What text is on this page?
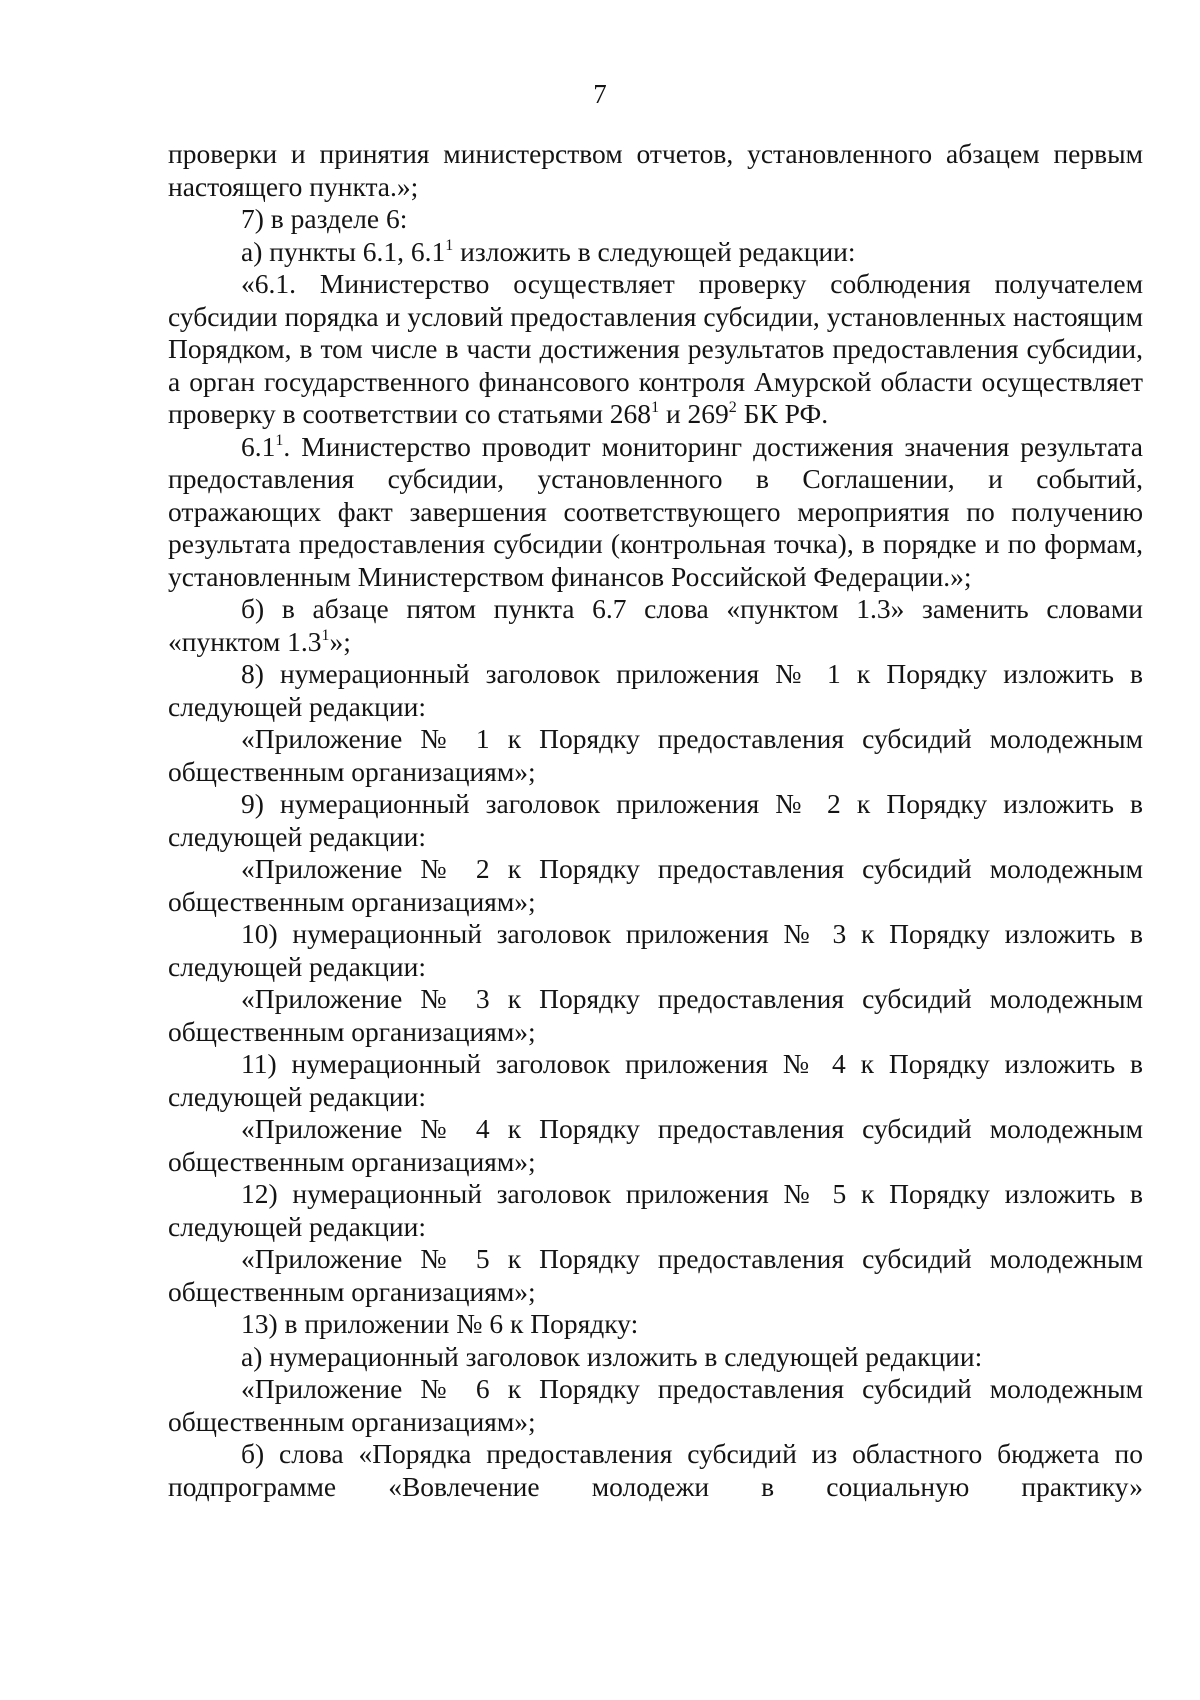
7

проверки и принятия министерством отчетов, установленного абзацем первым настоящего пункта.»;

7) в разделе 6:

а) пункты 6.1, $6.1^1$ изложить в следующей редакции:

«6.1. Министерство осуществляет проверку соблюдения получателем субсидии порядка и условий предоставления субсидии, установленных настоящим Порядком, в том числе в части достижения результатов предоставления субсидии, а орган государственного финансового контроля Амурской области осуществляет проверку в соответствии со статьями $268^1$ и $269^2$ БК РФ.

$6.1^1$. Министерство проводит мониторинг достижения значения результата предоставления субсидии, установленного в Соглашении, и событий, отражающих факт завершения соответствующего мероприятия по получению результата предоставления субсидии (контрольная точка), в порядке и по формам, установленным Министерством финансов Российской Федерации.»;

б) в абзаце пятом пункта 6.7 слова «пунктом 1.3» заменить словами «пунктом $1.3^1$»;

8) нумерационный заголовок приложения № 1 к Порядку изложить в следующей редакции:

«Приложение № 1 к Порядку предоставления субсидий молодежным общественным организациям»;

9) нумерационный заголовок приложения № 2 к Порядку изложить в следующей редакции:

«Приложение № 2 к Порядку предоставления субсидий молодежным общественным организациям»;

10) нумерационный заголовок приложения № 3 к Порядку изложить в следующей редакции:

«Приложение № 3 к Порядку предоставления субсидий молодежным общественным организациям»;

11) нумерационный заголовок приложения № 4 к Порядку изложить в следующей редакции:

«Приложение № 4 к Порядку предоставления субсидий молодежным общественным организациям»;

12) нумерационный заголовок приложения № 5 к Порядку изложить в следующей редакции:

«Приложение № 5 к Порядку предоставления субсидий молодежным общественным организациям»;

13) в приложении № 6 к Порядку:

а) нумерационный заголовок изложить в следующей редакции:

«Приложение № 6 к Порядку предоставления субсидий молодежным общественным организациям»;

б) слова «Порядка предоставления субсидий из областного бюджета по подпрограмме «Вовлечение молодежи в социальную практику»
